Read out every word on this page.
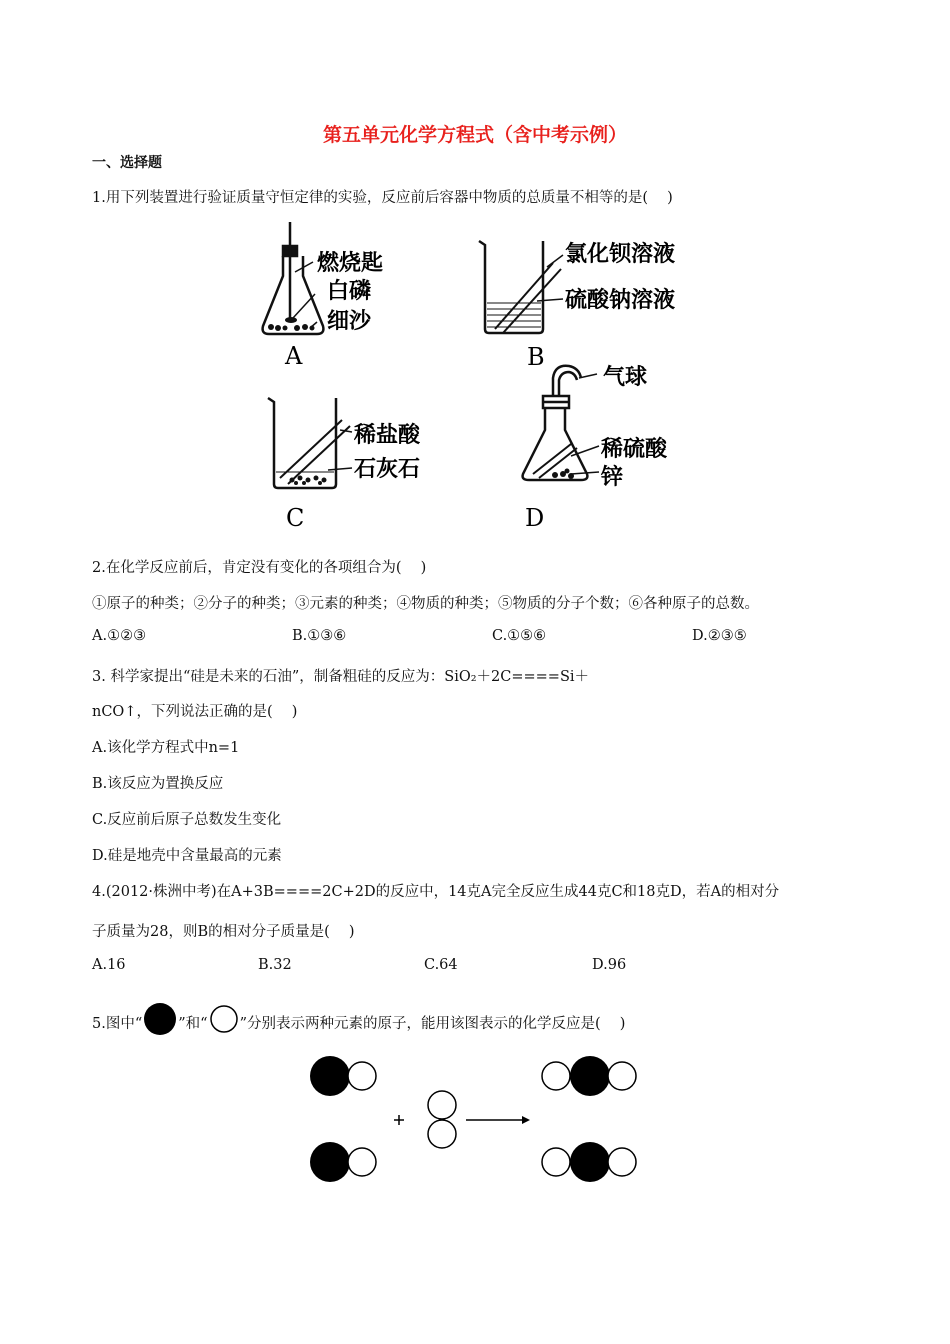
第五单元化学方程式（含中考示例）
一、选择题
1.用下列装置进行验证质量守恒定律的实验，反应前后容器中物质的总质量不相等的是(　 )
燃烧匙
白磷
细沙
A
氯化钡溶液
硫酸钠溶液
B
稀盐酸
石灰石
C
气球
稀硫酸
锌
D
2.在化学反应前后，肯定没有变化的各项组合为(　 )
①原子的种类；②分子的种类；③元素的种类；④物质的种类；⑤物质的分子个数；⑥各种原子的总数。
A.①②③	B.①③⑥	C.①⑤⑥	D.②③⑤
3. 科学家提出“硅是未来的石油”，制备粗硅的反应为：SiO₂＋2C====Si＋
nCO↑，下列说法正确的是(　 )
A.该化学方程式中n=1
B.该反应为置换反应
C.反应前后原子总数发生变化
D.硅是地壳中含量最高的元素
4.(2012·株洲中考)在A+3B====2C+2D的反应中，14克A完全反应生成44克C和18克D，若A的相对分
子质量为28，则B的相对分子质量是(　 )
A.16	B.32	C.64	D.96
5.图中“ ”和“ ”分别表示两种元素的原子，能用该图表示的化学反应是(　 )
